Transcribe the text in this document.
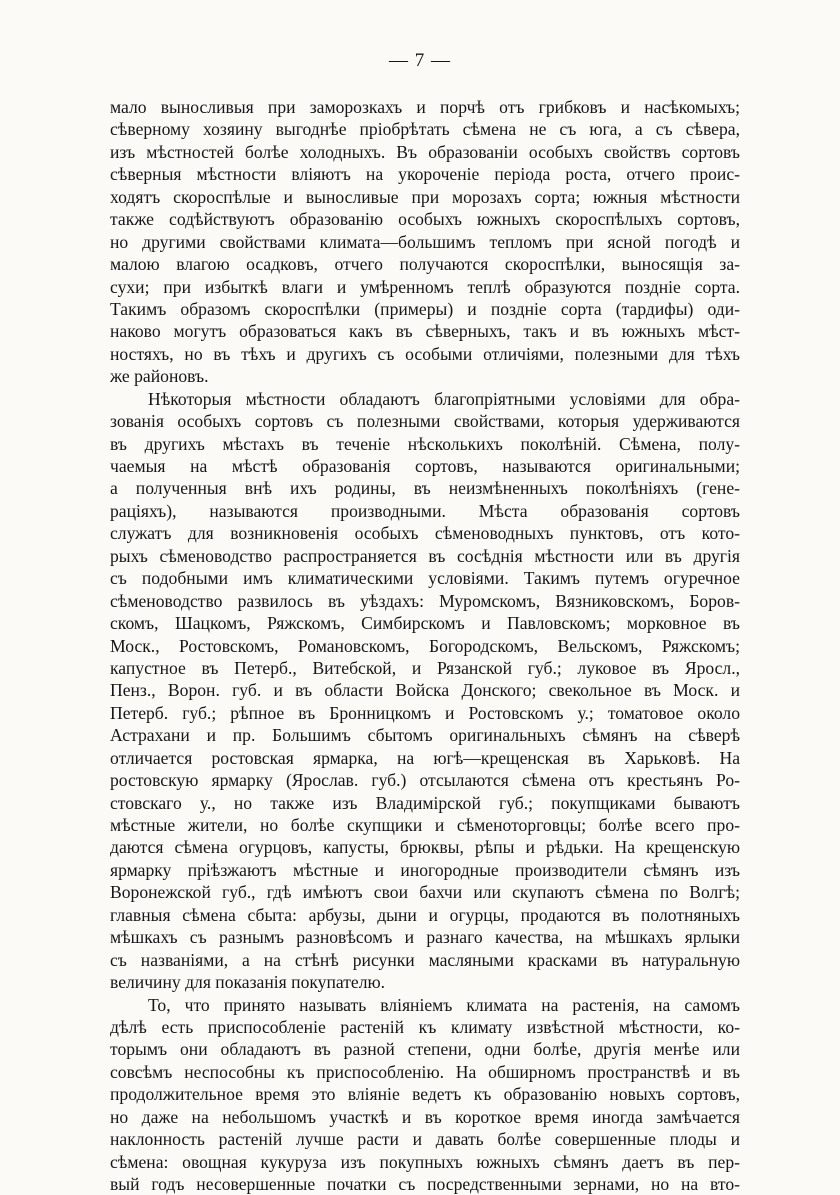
— 7 —
мало выносливыя при заморозкахъ и порчѣ отъ грибковъ и насѣкомыхъ;
сѣверному хозяину выгоднѣе пріобрѣтать сѣмена не съ юга, а съ сѣвера,
изъ мѣстностей болѣе холодныхъ. Въ образованіи особыхъ свойствъ сортовъ
сѣверныя мѣстности вліяютъ на укороченіе періода роста, отчего проис-
ходятъ скороспѣлые и выносливые при морозахъ сорта; южныя мѣстности
также содѣйствуютъ образованію особыхъ южныхъ скороспѣлыхъ сортовъ,
но другими свойствами климата—большимъ тепломъ при ясной погодѣ и
малою влагою осадковъ, отчего получаются скороспѣлки, выносящія за-
сухи; при избыткѣ влаги и умѣренномъ теплѣ образуются поздніе сорта.
Такимъ образомъ скороспѣлки (примеры) и поздніе сорта (тардифы) оди-
наково могутъ образоваться какъ въ сѣверныхъ, такъ и въ южныхъ мѣст-
ностяхъ, но въ тѣхъ и другихъ съ особыми отличіями, полезными для тѣхъ
же районовъ.
Нѣкоторыя мѣстности обладаютъ благопріятными условіями для обра-
зованія особыхъ сортовъ съ полезными свойствами, которыя удерживаются
въ другихъ мѣстахъ въ теченіе нѣсколькихъ поколѣній. Сѣмена, полу-
чаемыя на мѣстѣ образованія сортовъ, называются оригинальными;
а полученныя внѣ ихъ родины, въ неизмѣненныхъ поколѣніяхъ (гене-
раціяхъ), называются производными. Мѣста образованія сортовъ
служатъ для возникновенія особыхъ сѣменоводныхъ пунктовъ, отъ кото-
рыхъ сѣменоводство распространяется въ сосѣднія мѣстности или въ другія
съ подобными имъ климатическими условіями. Такимъ путемъ огуречное
сѣменоводство развилось въ уѣздахъ: Муромскомъ, Вязниковскомъ, Боров-
скомъ, Шацкомъ, Ряжскомъ, Симбирскомъ и Павловскомъ; морковное въ
Моск., Ростовскомъ, Романовскомъ, Богородскомъ, Вельскомъ, Ряжскомъ;
капустное въ Петерб., Витебской, и Рязанской губ.; луковое въ Яросл.,
Пенз., Ворон. губ. и въ области Войска Донского; свекольное въ Моск. и
Петерб. губ.; рѣпное въ Бронницкомъ и Ростовскомъ у.; томатовое около
Астрахани и пр. Большимъ сбытомъ оригинальныхъ сѣмянъ на сѣверѣ
отличается ростовская ярмарка, на югѣ—крещенская въ Харьковѣ. На
ростовскую ярмарку (Яроcлав. губ.) отсылаются сѣмена отъ крестьянъ Ро-
стовскаго у., но также изъ Владимірской губ.; покупщиками бываютъ
мѣстные жители, но болѣе скупщики и сѣменоторговцы; болѣе всего про-
даются сѣмена огурцовъ, капусты, брюквы, рѣпы и рѣдьки. На крещенскую
ярмарку пріѣзжаютъ мѣстные и иногородные производители сѣмянъ изъ
Воронежской губ., гдѣ имѣютъ свои бахчи или скупаютъ сѣмена по Волгѣ;
главныя сѣмена сбыта: арбузы, дыни и огурцы, продаются въ полотняныхъ
мѣшкахъ съ разнымъ разновѣсомъ и разнаго качества, на мѣшкахъ ярлыки
съ названіями, а на стѣнѣ рисунки масляными красками въ натуральную
величину для показанія покупателю.
То, что принято называть вліяніемъ климата на растенія, на самомъ
дѣлѣ есть приспособленіе растеній къ климату извѣстной мѣстности, ко-
торымъ они обладаютъ въ разной степени, одни болѣе, другія менѣе или
совсѣмъ неспособны къ приспособленію. На обширномъ пространствѣ и въ
продолжительное время это вліяніе ведетъ къ образованію новыхъ сортовъ,
но даже на небольшомъ участкѣ и въ короткое время иногда замѣчается
наклонность растеній лучше расти и давать болѣе совершенные плоды и
сѣмена: овощная кукуруза изъ покупныхъ южныхъ сѣмянъ даетъ въ пер-
вый годъ несовершенные початки съ посредственными зернами, но на вто-
